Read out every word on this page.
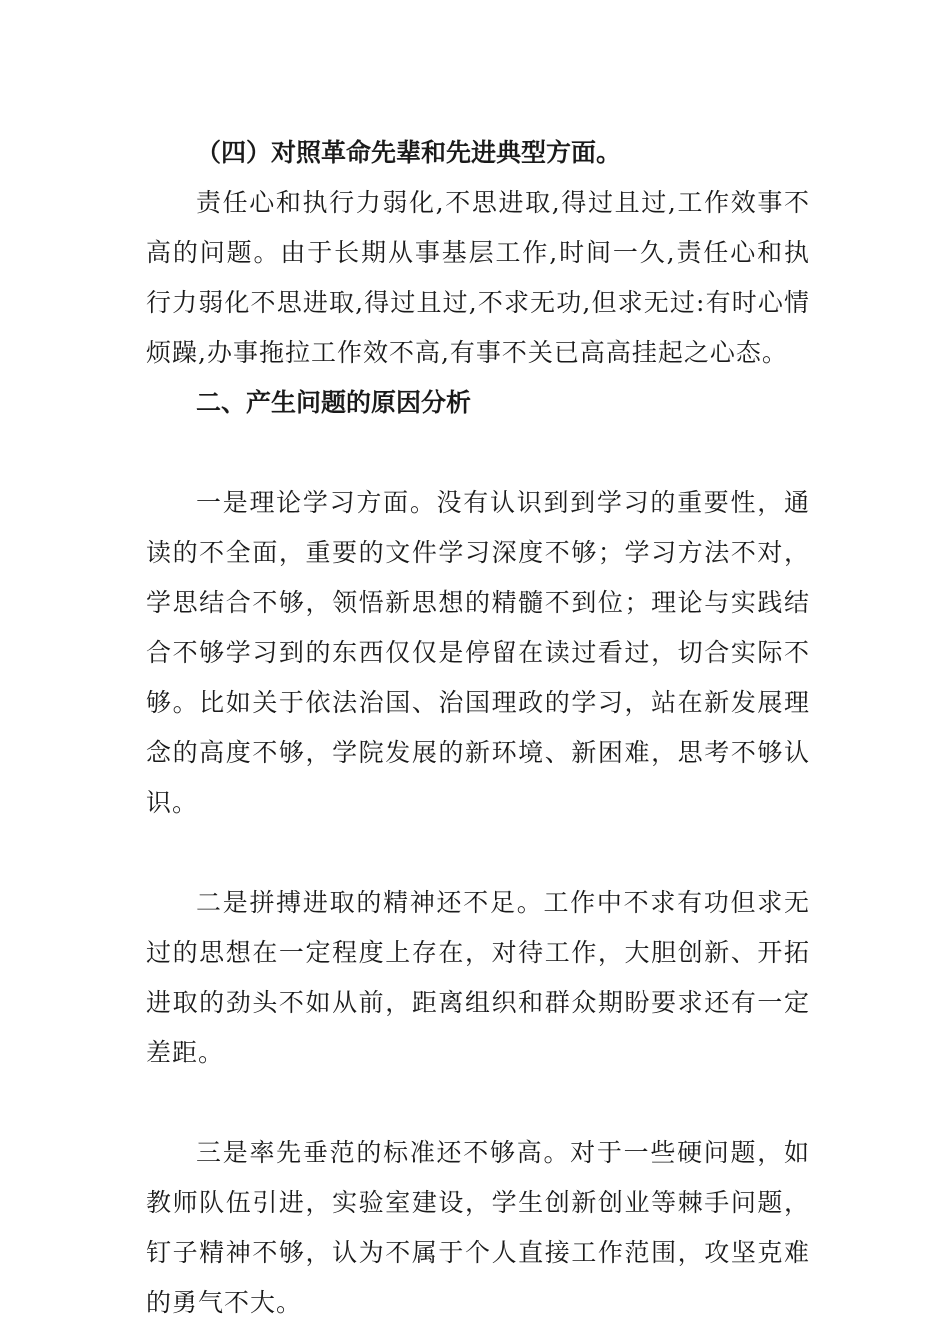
（四）对照革命先辈和先进典型方面。

责任心和执行力弱化,不思进取,得过且过,工作效事不高的问题。由于长期从事基层工作,时间一久,责任心和执行力弱化不思进取,得过且过,不求无功,但求无过:有时心情烦躁,办事拖拉工作效不高,有事不关已高高挂起之心态。

二、产生问题的原因分析

一是理论学习方面。没有认识到到学习的重要性，通读的不全面，重要的文件学习深度不够；学习方法不对，学思结合不够，领悟新思想的精髓不到位；理论与实践结合不够学习到的东西仅仅是停留在读过看过，切合实际不够。比如关于依法治国、治国理政的学习，站在新发展理念的高度不够，学院发展的新环境、新困难，思考不够认识。

二是拼搏进取的精神还不足。工作中不求有功但求无过的思想在一定程度上存在，对待工作，大胆创新、开拓进取的劲头不如从前，距离组织和群众期盼要求还有一定差距。

三是率先垂范的标准还不够高。对于一些硬问题，如教师队伍引进，实验室建设，学生创新创业等棘手问题，钉子精神不够，认为不属于个人直接工作范围，攻坚克难的勇气不大。
